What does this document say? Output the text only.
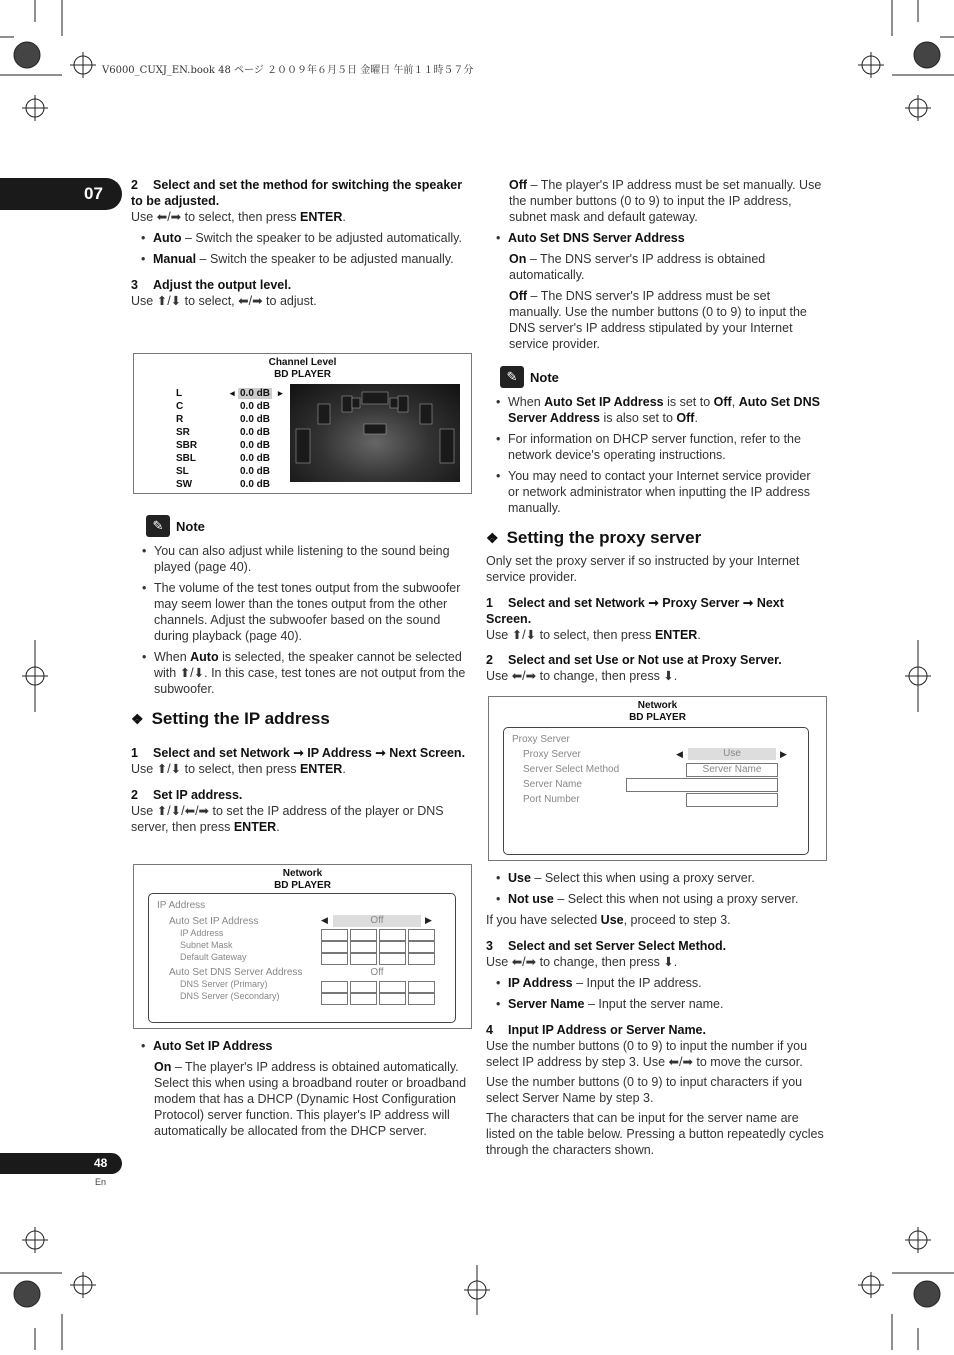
V6000_CUXJ_EN.book 48 ページ ２００９年６月５日 金曜日 午前１１時５７分
07 2 Select and set the method for switching the speaker to be adjusted.
Use ⬅/➡ to select, then press ENTER.
• Auto – Switch the speaker to be adjusted automatically.
• Manual – Switch the speaker to be adjusted manually.
3 Adjust the output level.
Use ⬆/⬇ to select, ⬅/➡ to adjust.
Channel Level
BD PLAYER
L	0.0 dB
◂	▸
C	0.0 dB
R	0.0 dB
SR	0.0 dB
SBR	0.0 dB
SBL	0.0 dB
SL	0.0 dB
SW	0.0 dB
✎ Note
• You can also adjust while listening to the sound being played (page 40).
• The volume of the test tones output from the subwoofer may seem lower than the tones output from the other channels. Adjust the subwoofer based on the sound during playback (page 40).
• When Auto is selected, the speaker cannot be selected with ⬆/⬇. In this case, test tones are not output from the subwoofer.
❖ Setting the IP address
1 Select and set Network ➞ IP Address ➞ Next Screen.
Use ⬆/⬇ to select, then press ENTER.
2 Set IP address.
Use ⬆/⬇/⬅/➡ to set the IP address of the player or DNS server, then press ENTER.
Network
BD PLAYER
IP Address
Auto Set IP Address	◀	Off	▶
IP Address
Subnet Mask
Default Gateway
Auto Set DNS Server Address	Off
DNS Server (Primary)
DNS Server (Secondary)
• Auto Set IP Address
On – The player's IP address is obtained automatically. Select this when using a broadband router or broadband modem that has a DHCP (Dynamic Host Configuration Protocol) server function. This player's IP address will automatically be allocated from the DHCP server.
48
En
Off – The player's IP address must be set manually. Use the number buttons (0 to 9) to input the IP address, subnet mask and default gateway.
• Auto Set DNS Server Address
On – The DNS server's IP address is obtained automatically.
Off – The DNS server's IP address must be set manually. Use the number buttons (0 to 9) to input the DNS server's IP address stipulated by your Internet service provider.
✎ Note
• When Auto Set IP Address is set to Off, Auto Set DNS Server Address is also set to Off.
• For information on DHCP server function, refer to the network device's operating instructions.
• You may need to contact your Internet service provider or network administrator when inputting the IP address manually.
❖ Setting the proxy server
Only set the proxy server if so instructed by your Internet service provider.
1 Select and set Network ➞ Proxy Server ➞ Next Screen.
Use ⬆/⬇ to select, then press ENTER.
2 Select and set Use or Not use at Proxy Server.
Use ⬅/➡ to change, then press ⬇.
Network
BD PLAYER
Proxy Server
Proxy Server	◀	Use	▶
Server Select Method	Server Name
Server Name
Port Number
• Use – Select this when using a proxy server.
• Not use – Select this when not using a proxy server.
If you have selected Use, proceed to step 3.
3 Select and set Server Select Method.
Use ⬅/➡ to change, then press ⬇.
• IP Address – Input the IP address.
• Server Name – Input the server name.
4 Input IP Address or Server Name.
Use the number buttons (0 to 9) to input the number if you select IP address by step 3. Use ⬅/➡ to move the cursor.
Use the number buttons (0 to 9) to input characters if you select Server Name by step 3.
The characters that can be input for the server name are listed on the table below. Pressing a button repeatedly cycles through the characters shown.
